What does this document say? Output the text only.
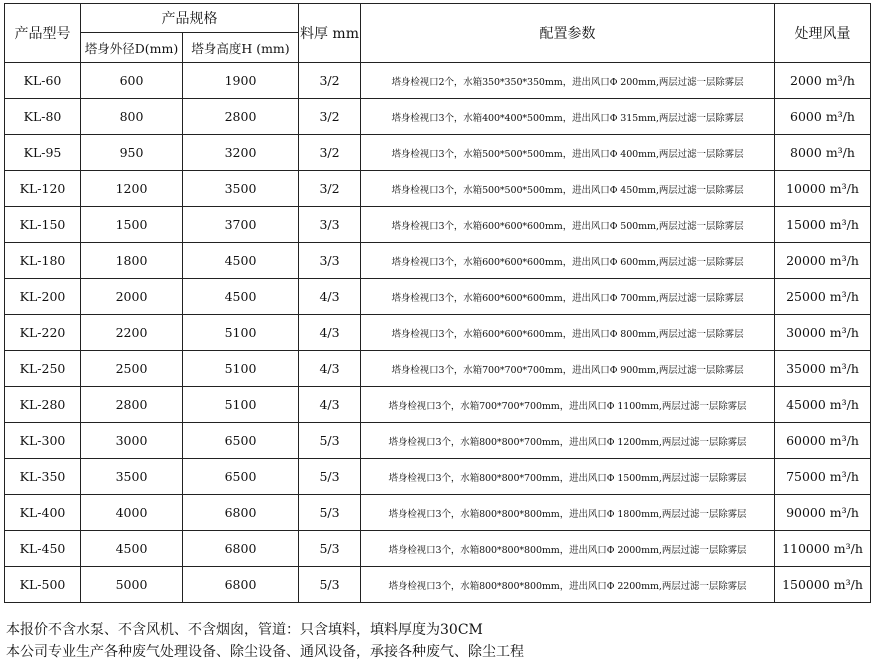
产品型号	产品规格		料厚 mm	配置参数	处理风量
	塔身外径D(mm)	塔身高度H (mm)			
KL-60	600	1900	3/2	塔身检视口2个，水箱350*350*350mm，进出风口Φ 200mm,两层过滤一层除雾层	2000 m³/h
KL-80	800	2800	3/2	塔身检视口3个，水箱400*400*500mm，进出风口Φ 315mm,两层过滤一层除雾层	6000 m³/h
KL-95	950	3200	3/2	塔身检视口3个，水箱500*500*500mm，进出风口Φ 400mm,两层过滤一层除雾层	8000 m³/h
KL-120	1200	3500	3/2	塔身检视口3个，水箱500*500*500mm，进出风口Φ 450mm,两层过滤一层除雾层	10000 m³/h
KL-150	1500	3700	3/3	塔身检视口3个，水箱600*600*600mm，进出风口Φ 500mm,两层过滤一层除雾层	15000 m³/h
KL-180	1800	4500	3/3	塔身检视口3个，水箱600*600*600mm，进出风口Φ 600mm,两层过滤一层除雾层	20000 m³/h
KL-200	2000	4500	4/3	塔身检视口3个，水箱600*600*600mm，进出风口Φ 700mm,两层过滤一层除雾层	25000 m³/h
KL-220	2200	5100	4/3	塔身检视口3个，水箱600*600*600mm，进出风口Φ 800mm,两层过滤一层除雾层	30000 m³/h
KL-250	2500	5100	4/3	塔身检视口3个，水箱700*700*700mm，进出风口Φ 900mm,两层过滤一层除雾层	35000 m³/h
KL-280	2800	5100	4/3	塔身检视口3个，水箱700*700*700mm，进出风口Φ 1100mm,两层过滤一层除雾层	45000 m³/h
KL-300	3000	6500	5/3	塔身检视口3个，水箱800*800*700mm，进出风口Φ 1200mm,两层过滤一层除雾层	60000 m³/h
KL-350	3500	6500	5/3	塔身检视口3个，水箱800*800*700mm，进出风口Φ 1500mm,两层过滤一层除雾层	75000 m³/h
KL-400	4000	6800	5/3	塔身检视口3个，水箱800*800*800mm，进出风口Φ 1800mm,两层过滤一层除雾层	90000 m³/h
KL-450	4500	6800	5/3	塔身检视口3个，水箱800*800*800mm，进出风口Φ 2000mm,两层过滤一层除雾层	110000 m³/h
KL-500	5000	6800	5/3	塔身检视口3个，水箱800*800*800mm，进出风口Φ 2200mm,两层过滤一层除雾层	150000 m³/h
本报价不含水泵、不含风机、不含烟囱，管道：只含填料，填料厚度为30CM
本公司专业生产各种废气处理设备、除尘设备、通风设备，承接各种废气、除尘工程
